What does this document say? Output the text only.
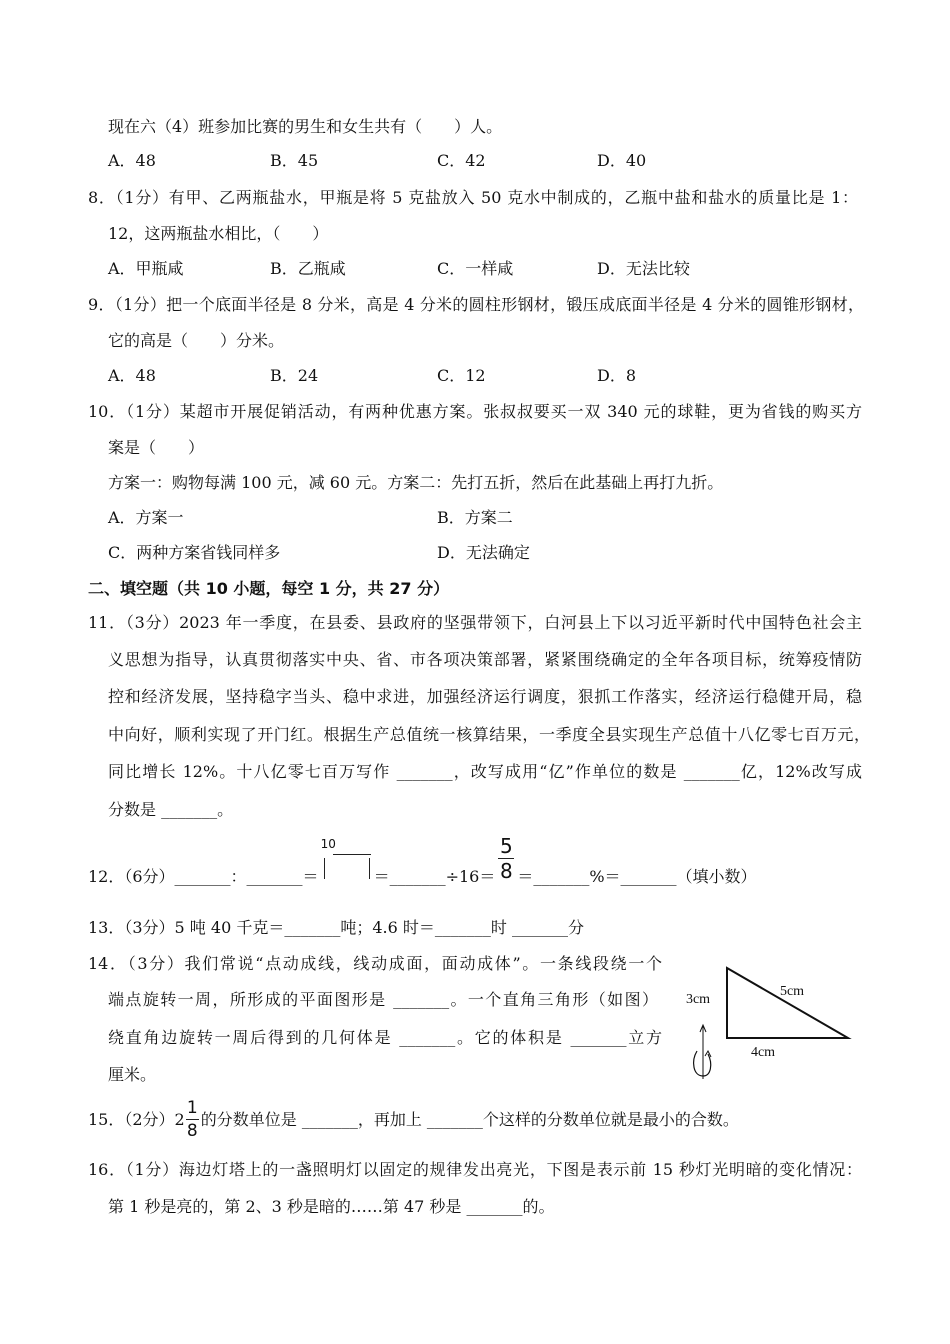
现在六（4）班参加比赛的男生和女生共有（　　）人。
A．48	B．45	C．42	D．40
8．（1分）有甲、乙两瓶盐水，甲瓶是将 5 克盐放入 50 克水中制成的，乙瓶中盐和盐水的质量比是 1：
12，这两瓶盐水相比，（　　）
A．甲瓶咸	B．乙瓶咸	C．一样咸	D．无法比较
9．（1分）把一个底面半径是 8 分米，高是 4 分米的圆柱形钢材，锻压成底面半径是 4 分米的圆锥形钢材，
它的高是（　　）分米。
A．48	B．24	C．12	D．8
10．（1分）某超市开展促销活动，有两种优惠方案。张叔叔要买一双 340 元的球鞋，更为省钱的购买方
案是（　　）
方案一：购物每满 100 元，减 60 元。方案二：先打五折，然后在此基础上再打九折。
A．方案一	B．方案二
C．两种方案省钱同样多	D．无法确定
二、填空题（共 10 小题，每空 1 分，共 27 分）
11．（3分）2023 年一季度，在县委、县政府的坚强带领下，白河县上下以习近平新时代中国特色社会主
义思想为指导，认真贯彻落实中央、省、市各项决策部署，紧紧围绕确定的全年各项目标，统筹疫情防
控和经济发展，坚持稳字当头、稳中求进，加强经济运行调度，狠抓工作落实，经济运行稳健开局，稳
中向好，顺利实现了开门红。根据生产总值统一核算结果，一季度全县实现生产总值十八亿零七百万元，
同比增长 12%。十八亿零七百万写作 _______，改写成用“亿”作单位的数是 _______亿，12%改写成
分数是 _______。
12．（6分） _______：_______＝
10
＝_______÷16＝ $\frac{5}{8}$ ＝_______%＝_______（填小数）
13．（3分）5 吨 40 千克＝_______吨；4.6 时＝_______时 _______分
14．（3分）我们常说“点动成线，线动成面，面动成体”。一条线段绕一个
端点旋转一周，所形成的平面图形是 _______。一个直角三角形（如图）
绕直角边旋转一周后得到的几何体是 _______。它的体积是 _______立方
厘米。
3cm
5cm
4cm
15．（2分）$2 \frac{1}{8}$ 的分数单位是 _______，再加上 _______个这样的分数单位就是最小的合数。
16．（1分）海边灯塔上的一盏照明灯以固定的规律发出亮光，下图是表示前 15 秒灯光明暗的变化情况：
第 1 秒是亮的，第 2、3 秒是暗的……第 47 秒是 _______的。
